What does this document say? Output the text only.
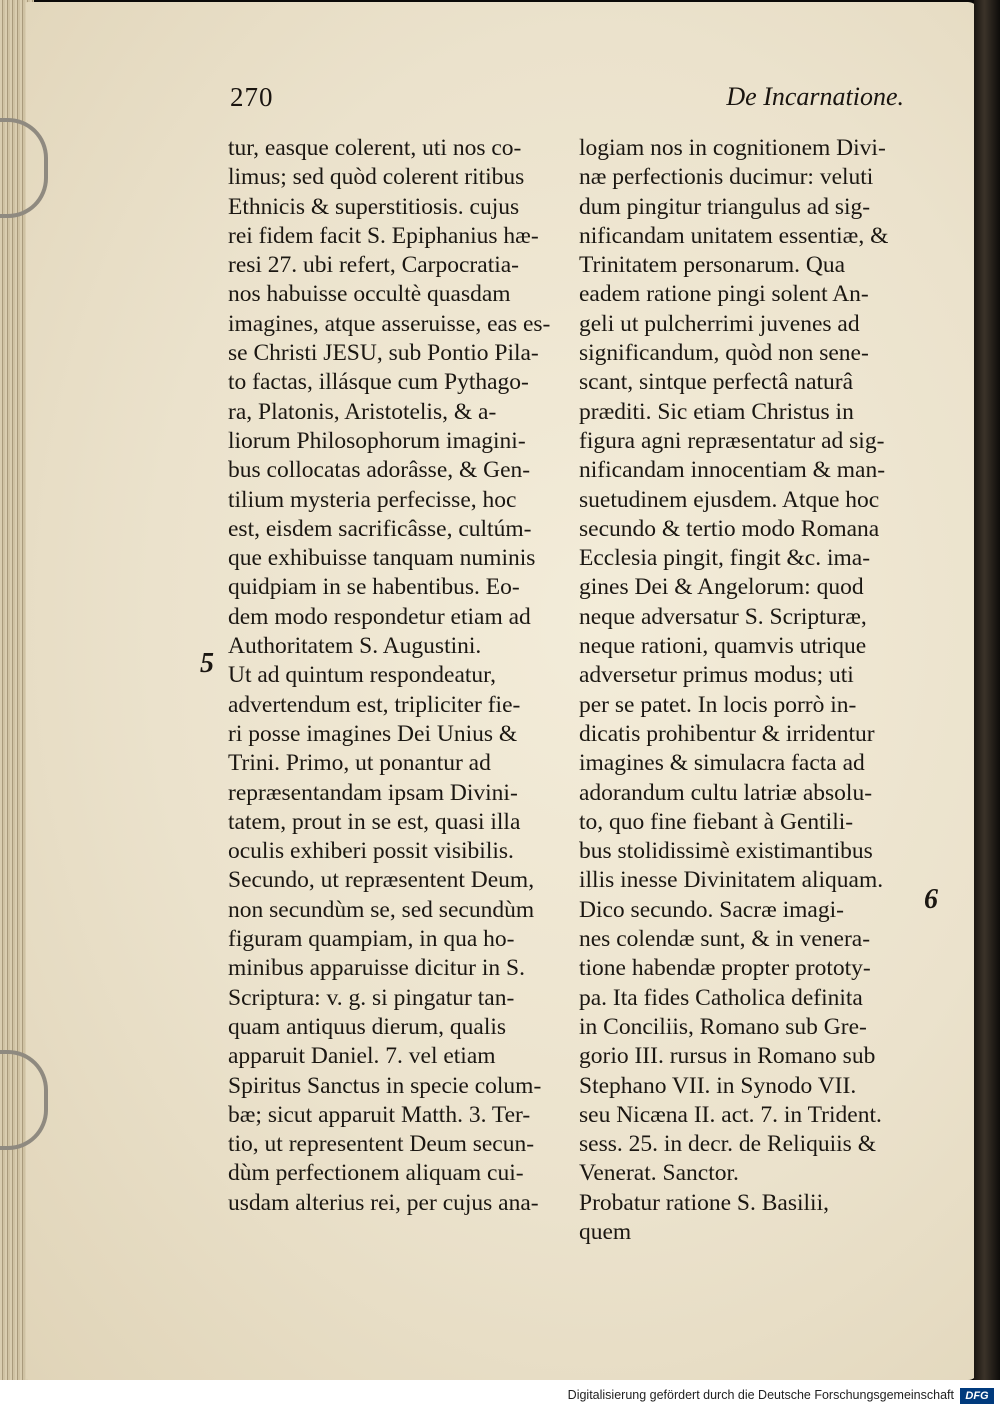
270	De Incarnatione.
tur, easque colerent, uti nos co-
limus; sed quòd colerent ritibus
Ethnicis & superstitiosis. cujus
rei fidem facit S. Epiphanius hæ-
resi 27. ubi refert, Carpocratia-
nos habuisse occultè quasdam
imagines, atque asseruisse, eas es-
se Christi JESU, sub Pontio Pila-
to factas, illásque cum Pythago-
ra, Platonis, Aristotelis, & a-
liorum Philosophorum imagini-
bus collocatas adorâsse, & Gen-
tilium mysteria perfecisse, hoc
est, eisdem sacrificâsse, cultúm-
que exhibuisse tanquam numinis
quidpiam in se habentibus. Eo-
dem modo respondetur etiam ad
Authoritatem S. Augustini.
Ut ad quintum respondeatur,
advertendum est, tripliciter fie-
ri posse imagines Dei Unius &
Trini. Primo, ut ponantur ad
repræsentandam ipsam Divini-
tatem, prout in se est, quasi illa
oculis exhiberi possit visibilis.
Secundo, ut repræsentent Deum,
non secundùm se, sed secundùm
figuram quampiam, in qua ho-
minibus apparuisse dicitur in S.
Scriptura: v. g. si pingatur tan-
quam antiquus dierum, qualis
apparuit Daniel. 7. vel etiam
Spiritus Sanctus in specie colum-
bæ; sicut apparuit Matth. 3. Ter-
tio, ut representent Deum secun-
dùm perfectionem aliquam cui-
usdam alterius rei, per cujus ana-
logiam nos in cognitionem Divi-
næ perfectionis ducimur: veluti
dum pingitur triangulus ad sig-
nificandam unitatem essentiæ, &
Trinitatem personarum. Qua
eadem ratione pingi solent An-
geli ut pulcherrimi juvenes ad
significandum, quòd non sene-
scant, sintque perfectâ naturâ
præditi. Sic etiam Christus in
figura agni repræsentatur ad sig-
nificandam innocentiam & man-
suetudinem ejusdem. Atque hoc
secundo & tertio modo Romana
Ecclesia pingit, fingit &c. ima-
gines Dei & Angelorum: quod
neque adversatur S. Scripturæ,
neque rationi, quamvis utrique
adversetur primus modus; uti
per se patet. In locis porrò in-
dicatis prohibentur & irridentur
imagines & simulacra facta ad
adorandum cultu latriæ absolu-
to, quo fine fiebant à Gentili-
bus stolidissimè existimantibus
illis inesse Divinitatem aliquam.
Dico secundo. Sacræ imagi-
nes colendæ sunt, & in venera-
tione habendæ propter prototy-
pa. Ita fides Catholica definita
in Conciliis, Romano sub Gre-
gorio III. rursus in Romano sub
Stephano VII. in Synodo VII.
seu Nicæna II. act. 7. in Trident.
sess. 25. in decr. de Reliquiis &
Venerat. Sanctor.
Probatur ratione S. Basilii,
quem
5
6
Digitalisierung gefördert durch die Deutsche Forschungsgemeinschaft	DFG
